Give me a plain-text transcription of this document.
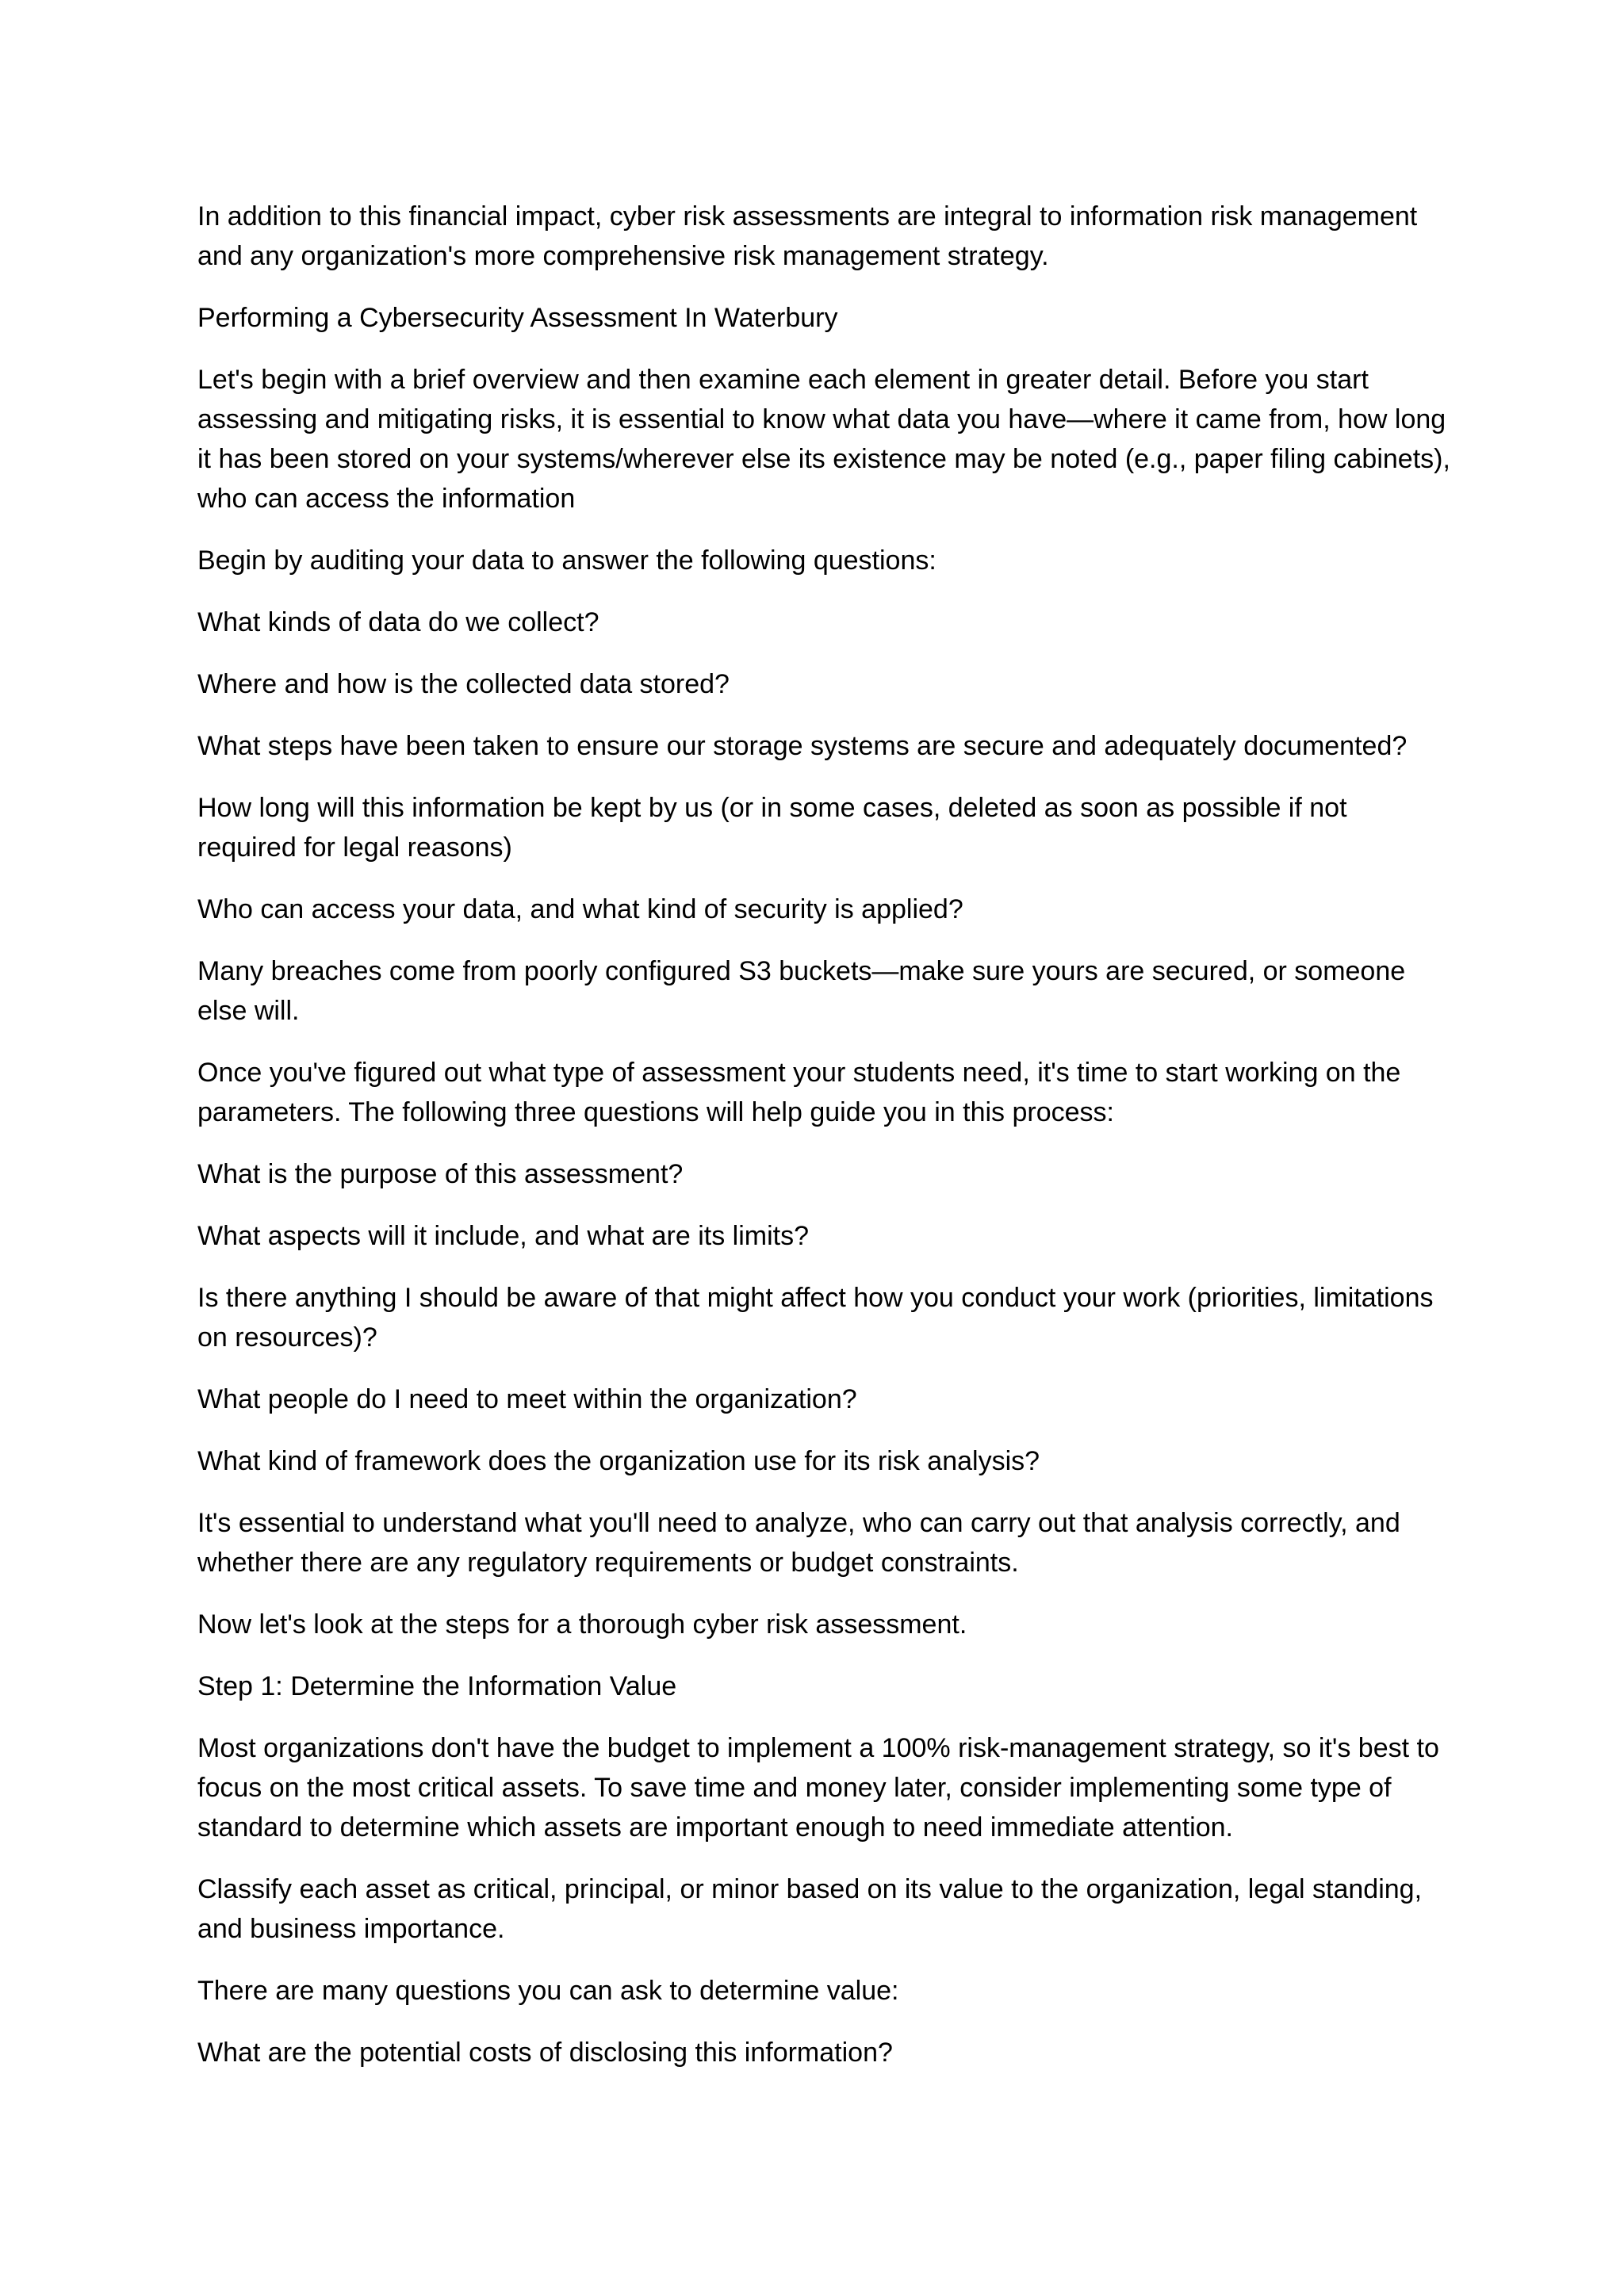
In addition to this financial impact, cyber risk assessments are integral to information risk management and any organization's more comprehensive risk management strategy.

Performing a Cybersecurity Assessment In Waterbury

Let's begin with a brief overview and then examine each element in greater detail. Before you start assessing and mitigating risks, it is essential to know what data you have—where it came from, how long it has been stored on your systems/wherever else its existence may be noted (e.g., paper filing cabinets), who can access the information

Begin by auditing your data to answer the following questions:

What kinds of data do we collect?

Where and how is the collected data stored?

What steps have been taken to ensure our storage systems are secure and adequately documented?

How long will this information be kept by us (or in some cases, deleted as soon as possible if not required for legal reasons)

Who can access your data, and what kind of security is applied?

Many breaches come from poorly configured S3 buckets—make sure yours are secured, or someone else will.

Once you've figured out what type of assessment your students need, it's time to start working on the parameters. The following three questions will help guide you in this process:

What is the purpose of this assessment?

What aspects will it include, and what are its limits?

Is there anything I should be aware of that might affect how you conduct your work (priorities, limitations on resources)?

What people do I need to meet within the organization?

What kind of framework does the organization use for its risk analysis?

It's essential to understand what you'll need to analyze, who can carry out that analysis correctly, and whether there are any regulatory requirements or budget constraints.

Now let's look at the steps for a thorough cyber risk assessment.

Step 1: Determine the Information Value

Most organizations don't have the budget to implement a 100% risk-management strategy, so it's best to focus on the most critical assets. To save time and money later, consider implementing some type of standard to determine which assets are important enough to need immediate attention.

Classify each asset as critical, principal, or minor based on its value to the organization, legal standing, and business importance.

There are many questions you can ask to determine value:

What are the potential costs of disclosing this information?
